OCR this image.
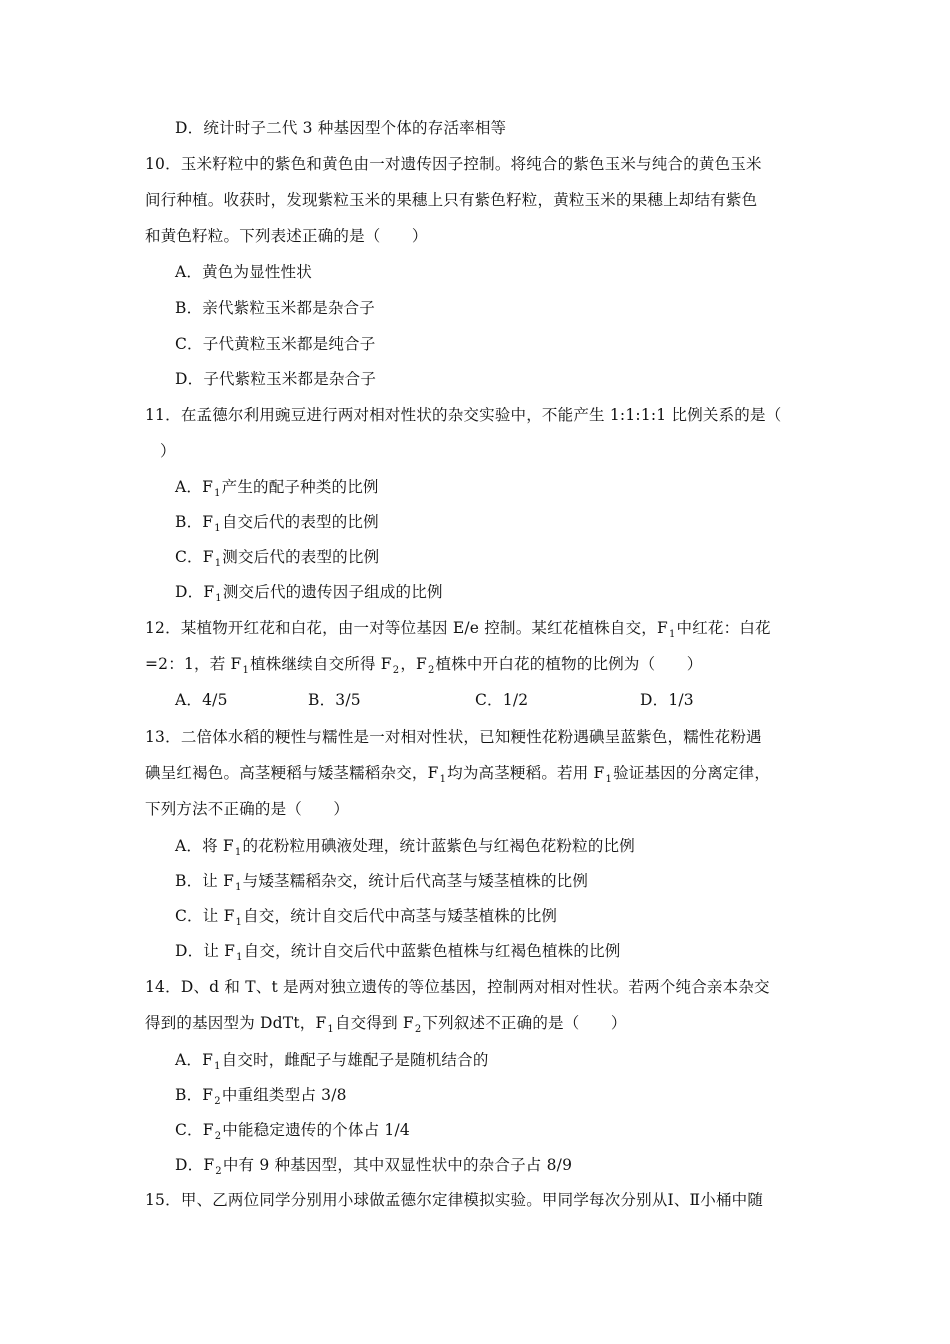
D．统计时子二代 3 种基因型个体的存活率相等
10．玉米籽粒中的紫色和黄色由一对遗传因子控制。将纯合的紫色玉米与纯合的黄色玉米
间行种植。收获时，发现紫粒玉米的果穗上只有紫色籽粒，黄粒玉米的果穗上却结有紫色
和黄色籽粒。下列表述正确的是（　　）
A．黄色为显性性状
B．亲代紫粒玉米都是杂合子
C．子代黄粒玉米都是纯合子
D．子代紫粒玉米都是杂合子
11．在孟德尔利用豌豆进行两对相对性状的杂交实验中，不能产生 1:1:1:1 比例关系的是（
）
A．$F_1$产生的配子种类的比例
B．$F_1$自交后代的表型的比例
C．$F_1$测交后代的表型的比例
D．$F_1$测交后代的遗传因子组成的比例
12．某植物开红花和白花，由一对等位基因 E/e 控制。某红花植株自交，$F_1$中红花：白花
=2：1，若 $F_1$植株继续自交所得 $F_2$，$F_2$植株中开白花的植物的比例为（　　）
A．4/5	B．3/5	C．1/2	D．1/3
13．二倍体水稻的粳性与糯性是一对相对性状，已知粳性花粉遇碘呈蓝紫色，糯性花粉遇
碘呈红褐色。高茎粳稻与矮茎糯稻杂交，$F_1$均为高茎粳稻。若用 $F_1$验证基因的分离定律，
下列方法不正确的是（　　）
A．将 $F_1$的花粉粒用碘液处理，统计蓝紫色与红褐色花粉粒的比例
B．让 $F_1$与矮茎糯稻杂交，统计后代高茎与矮茎植株的比例
C．让 $F_1$自交，统计自交后代中高茎与矮茎植株的比例
D．让 $F_1$自交，统计自交后代中蓝紫色植株与红褐色植株的比例
14．D、d 和 T、t 是两对独立遗传的等位基因，控制两对相对性状。若两个纯合亲本杂交
得到的基因型为 DdTt，$F_1$自交得到 $F_2$下列叙述不正确的是（　　）
A．$F_1$自交时，雌配子与雄配子是随机结合的
B．$F_2$中重组类型占 3/8
C．$F_2$中能稳定遗传的个体占 1/4
D．$F_2$中有 9 种基因型，其中双显性状中的杂合子占 8/9
15．甲、乙两位同学分别用小球做孟德尔定律模拟实验。甲同学每次分别从Ⅰ、Ⅱ小桶中随
